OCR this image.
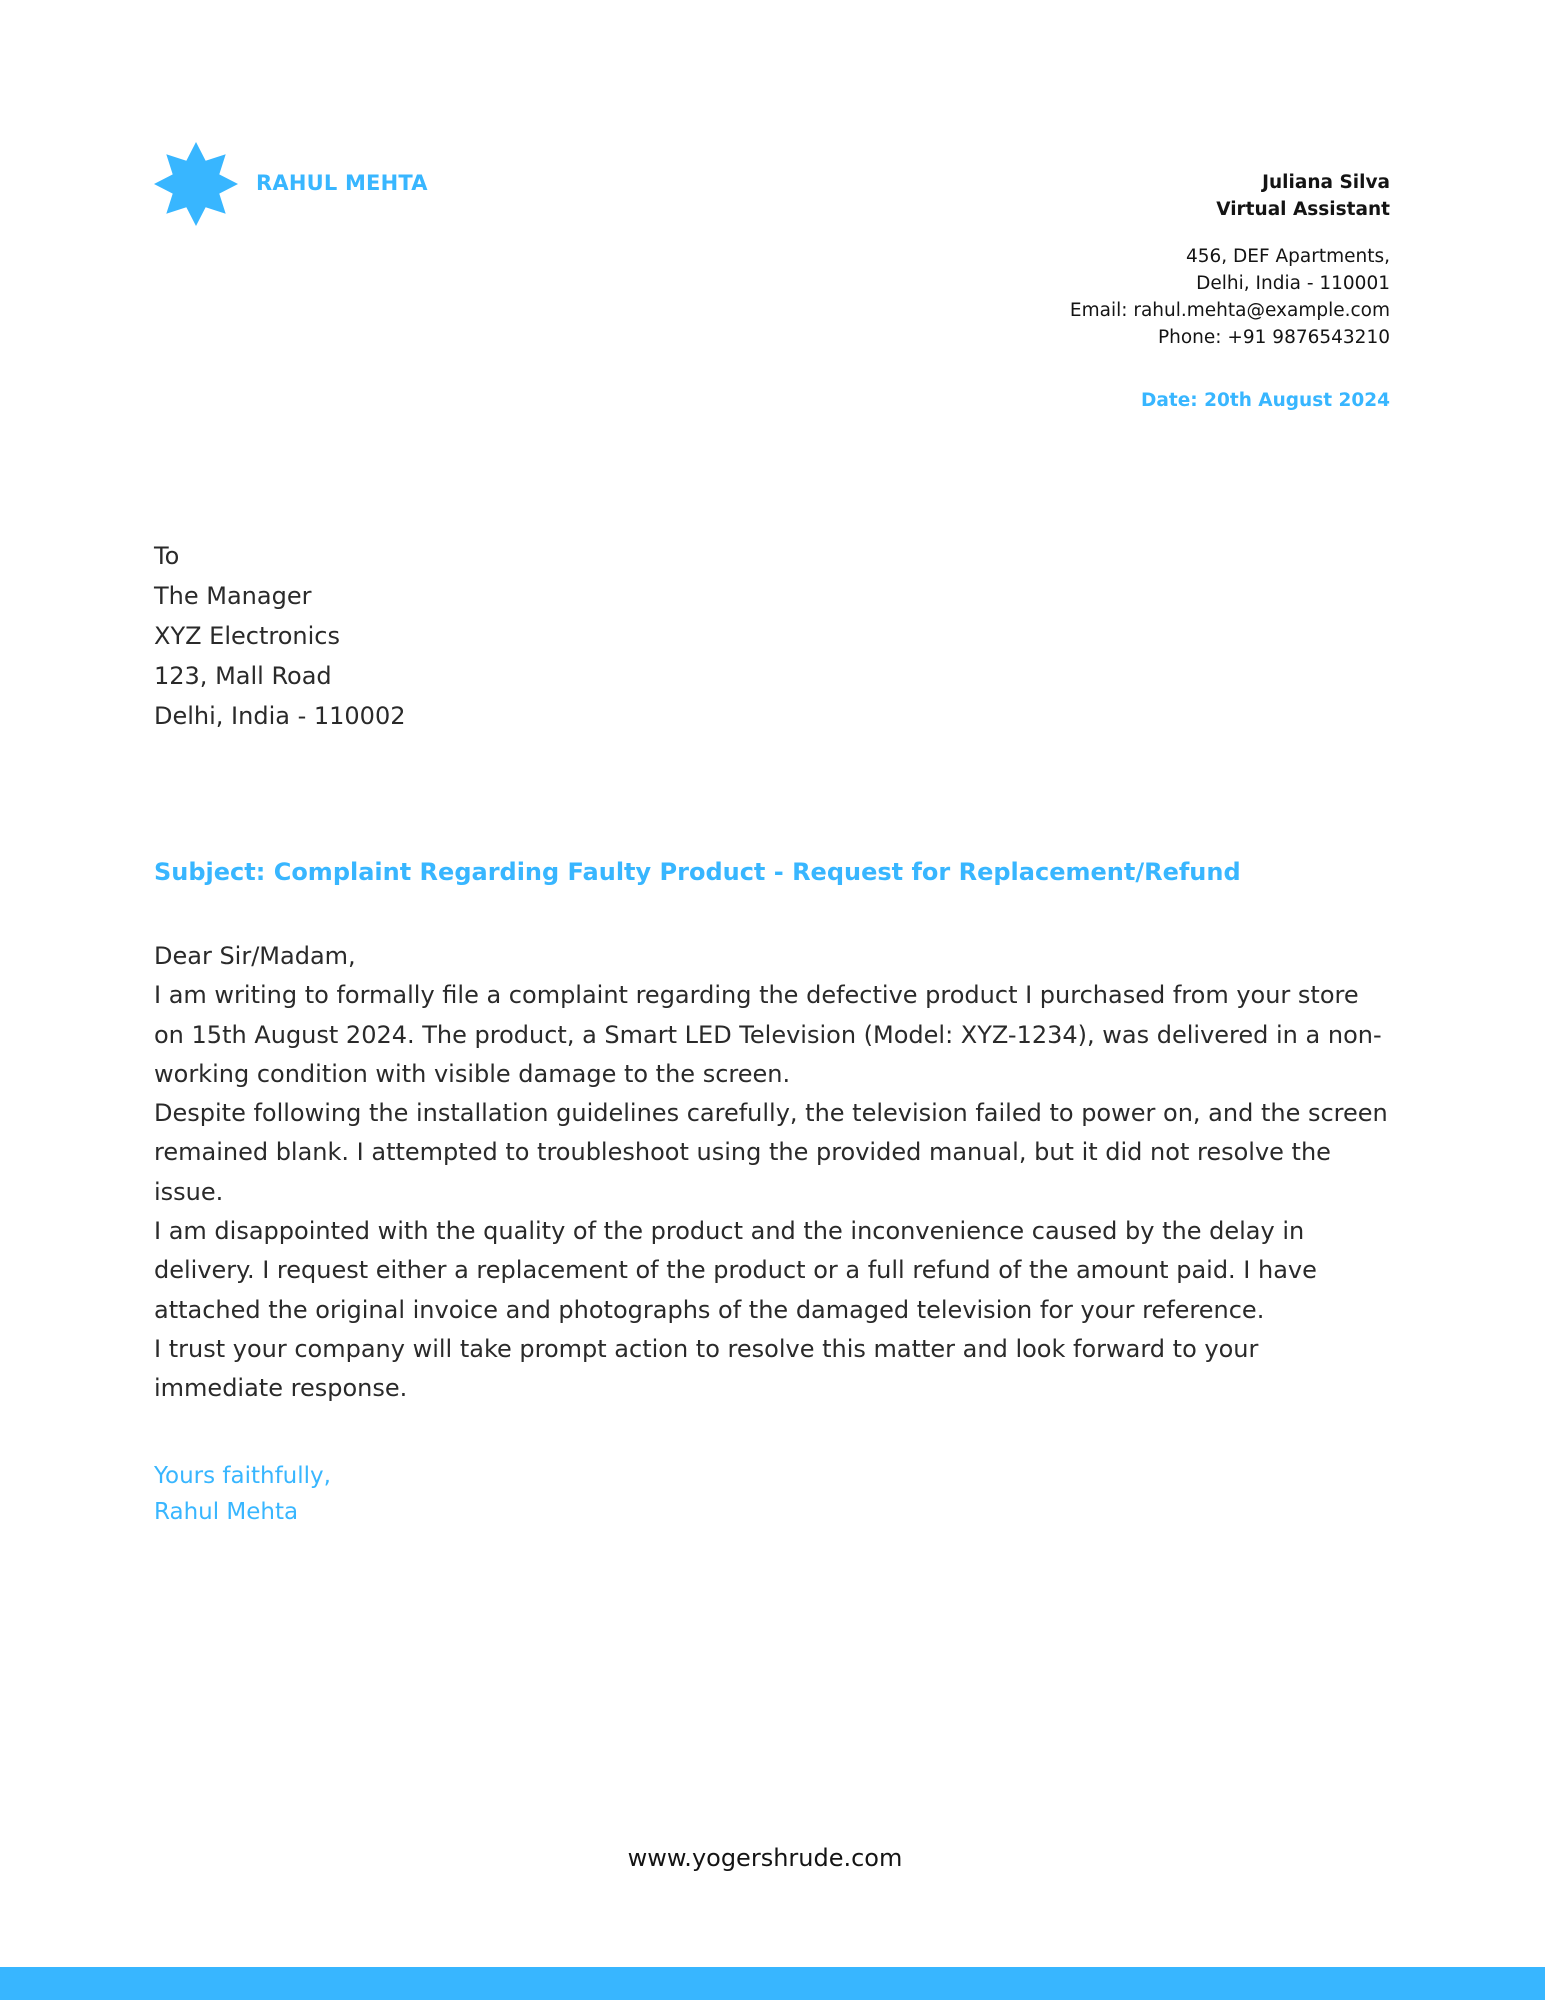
RAHUL MEHTA	Juliana Silva
Virtual Assistant
456, DEF Apartments,
Delhi, India - 110001
Email: rahul.mehta@example.com
Phone: +91 9876543210
Date: 20th August 2024
To
The Manager
XYZ Electronics
123, Mall Road
Delhi, India - 110002
Subject: Complaint Regarding Faulty Product - Request for Replacement/Refund

Dear Sir/Madam,

I am writing to formally file a complaint regarding the defective product I purchased from your store on 15th August 2024. The product, a Smart LED Television (Model: XYZ-1234), was delivered in a non-working condition with visible damage to the screen.

Despite following the installation guidelines carefully, the television failed to power on, and the screen remained blank. I attempted to troubleshoot using the provided manual, but it did not resolve the issue.

I am disappointed with the quality of the product and the inconvenience caused by the delay in delivery. I request either a replacement of the product or a full refund of the amount paid. I have attached the original invoice and photographs of the damaged television for your reference.

I trust your company will take prompt action to resolve this matter and look forward to your immediate response.

Yours faithfully,
Rahul Mehta
www.yogershrude.com
